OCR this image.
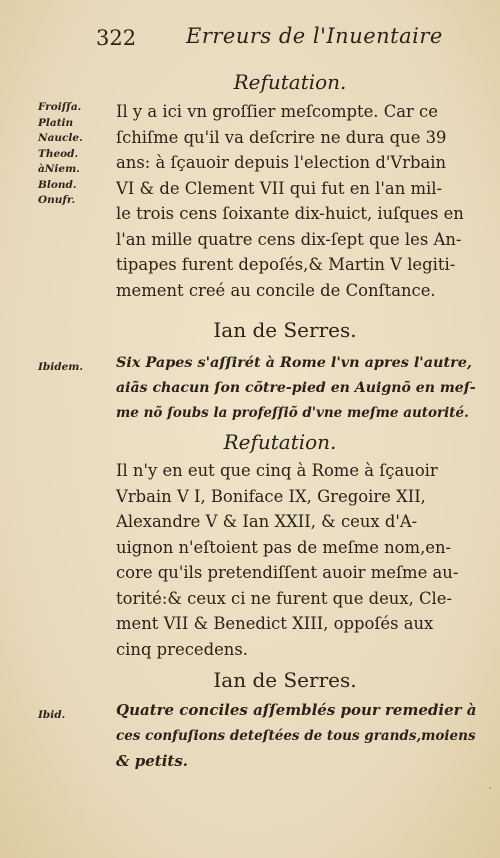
322 Erreurs de l'Inuentaire
Refutation.
Froiſſa.
Platin
Naucle.
Theod.
àNiem.
Blond.
Onufr.
Il y a ici vn groſſier meſcompte. Car ce
ſchiſme qu'il va deſcrire ne dura que 39
ans: à ſçauoir depuis l'election d'Vrbain
VI & de Clement VII qui fut en l'an mil-
le trois cens ſoixante dix-huict, iuſques en
l'an mille quatre cens dix-ſept que les An-
tipapes furent depoſés,& Martin V legiti-
mement creé au concile de Conſtance.
Ian de Serres.
Ibidem.	Six Papes s'aſſirét à Rome l'vn apres l'autre,
aiãs chacun ſon cõtre-pied en Auignõ en meſ-
me nõ ſoubs la profeſſiõ d'vne meſme autorité.
Refutation.
Il n'y en eut que cinq à Rome à ſçauoir
Vrbain V I, Boniface IX, Gregoire XII,
Alexandre V & Ian XXII, & ceux d'A-
uignon n'eſtoient pas de meſme nom,en-
core qu'ils pretendiſſent auoir meſme au-
torité:& ceux ci ne furent que deux, Cle-
ment VII & Benedict XIII, oppoſés aux
cinq precedens.
Ian de Serres.
Ibid.	Quatre conciles aſſemblés pour remedier à
ces confuſions deteſtées de tous grands,moiens
& petits.
.
